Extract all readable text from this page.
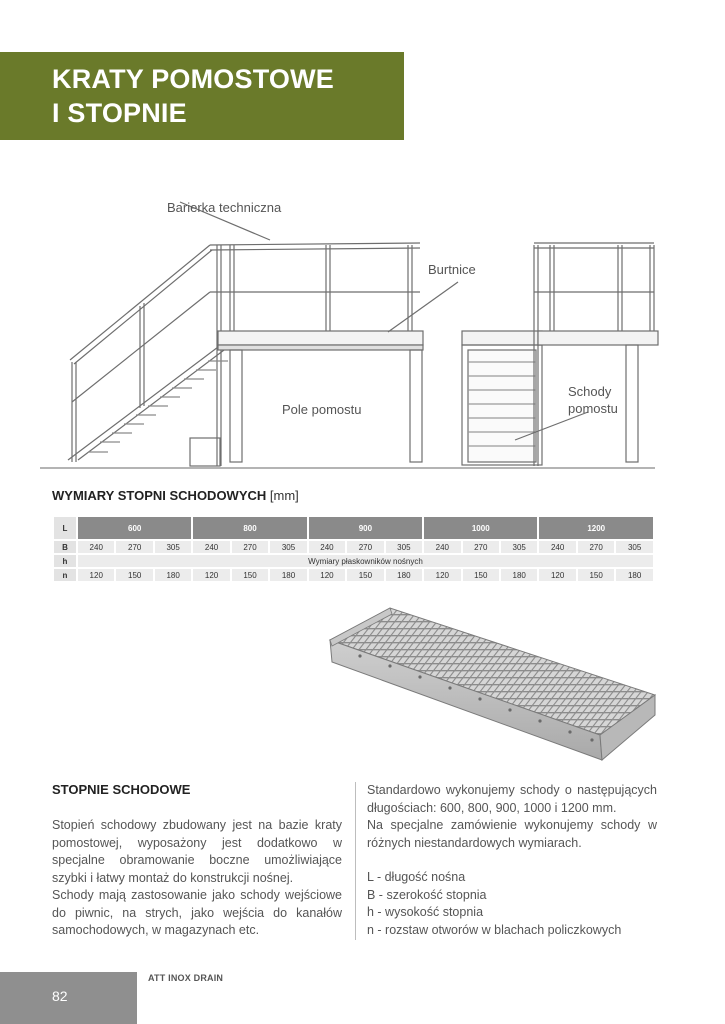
KRATY POMOSTOWE
I STOPNIE
Barierka techniczna
Burtnice
Pole pomostu
Schody
pomostu
WYMIARY STOPNI SCHODOWYCH [mm]
L	600			800			900			1000			1200		
B	240	270	305	240	270	305	240	270	305	240	270	305	240	270	305
h	Wymiary płaskowników nośnych														
n	120	150	180	120	150	180	120	150	180	120	150	180	120	150	180
STOPNIE SCHODOWE

Stopień schodowy zbudowany jest na bazie kraty pomostowej, wyposażony jest dodatkowo w specjalne obramowanie boczne umożliwiające szybki i łatwy montaż do konstrukcji nośnej.

Schody mają zastosowanie jako schody wejściowe do piwnic, na strych, jako wejścia do kanałów samochodowych, w magazynach etc.

Standardowo wykonujemy schody o następujących długościach: 600, 800, 900, 1000 i 1200 mm.

Na specjalne zamówienie wykonujemy schody w różnych niestandardowych wymiarach.

L - długość nośna
B - szerokość stopnia
h - wysokość stopnia
n - rozstaw otworów w blachach policzkowych
82
ATT INOX DRAIN
